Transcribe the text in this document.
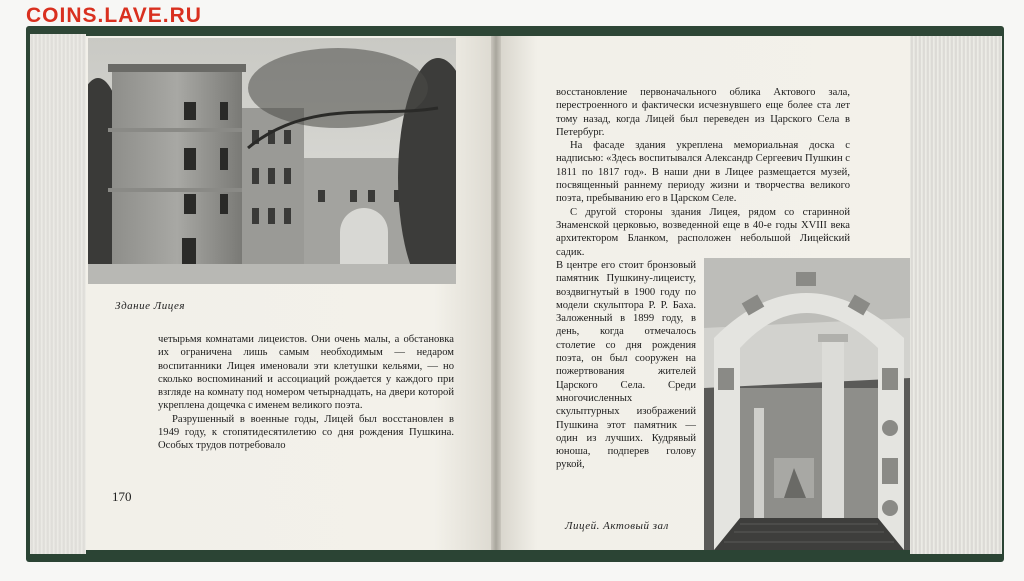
COINS.LAVE.RU
Здание Лицея

четырьмя комнатами лицеистов. Они очень малы, а обстановка их ограничена лишь самым необходимым — недаром воспитанники Лицея именовали эти клетушки кельями, — но сколько воспоминаний и ассоциаций рождается у каждого при взгляде на комнату под номером четырнадцать, на двери которой укреплена дощечка с именем великого поэта.

Разрушенный в военные годы, Лицей был восстановлен в 1949 году, к стопятидесятилетию со дня рождения Пушкина. Особых трудов потребовало

170

восстановление первоначального облика Актового зала, перестроенного и фактически исчезнувшего еще более ста лет тому назад, когда Лицей был переведен из Царского Села в Петербург.

На фасаде здания укреплена мемориальная доска с надписью: «Здесь воспитывался Александр Сергеевич Пушкин с 1811 по 1817 год». В наши дни в Лицее размещается музей, посвященный раннему периоду жизни и творчества великого поэта, пребыванию его в Царском Селе.

С другой стороны здания Лицея, рядом со старинной Знаменской церковью, возведенной еще в 40-е годы XVIII века архитектором Бланком, расположен небольшой Лицейский садик.

В центре его стоит бронзовый памятник Пушкину-лицеисту, воздвигнутый в 1900 году по модели скульптора Р. Р. Баха. Заложенный в 1899 году, в день, когда отмечалось столетие со дня рождения поэта, он был сооружен на пожертвования жителей Царского Села. Среди многочисленных скульптурных изображений Пушкина этот памятник — один из лучших. Кудрявый юноша, подперев голову рукой,

Лицей. Актовый зал
